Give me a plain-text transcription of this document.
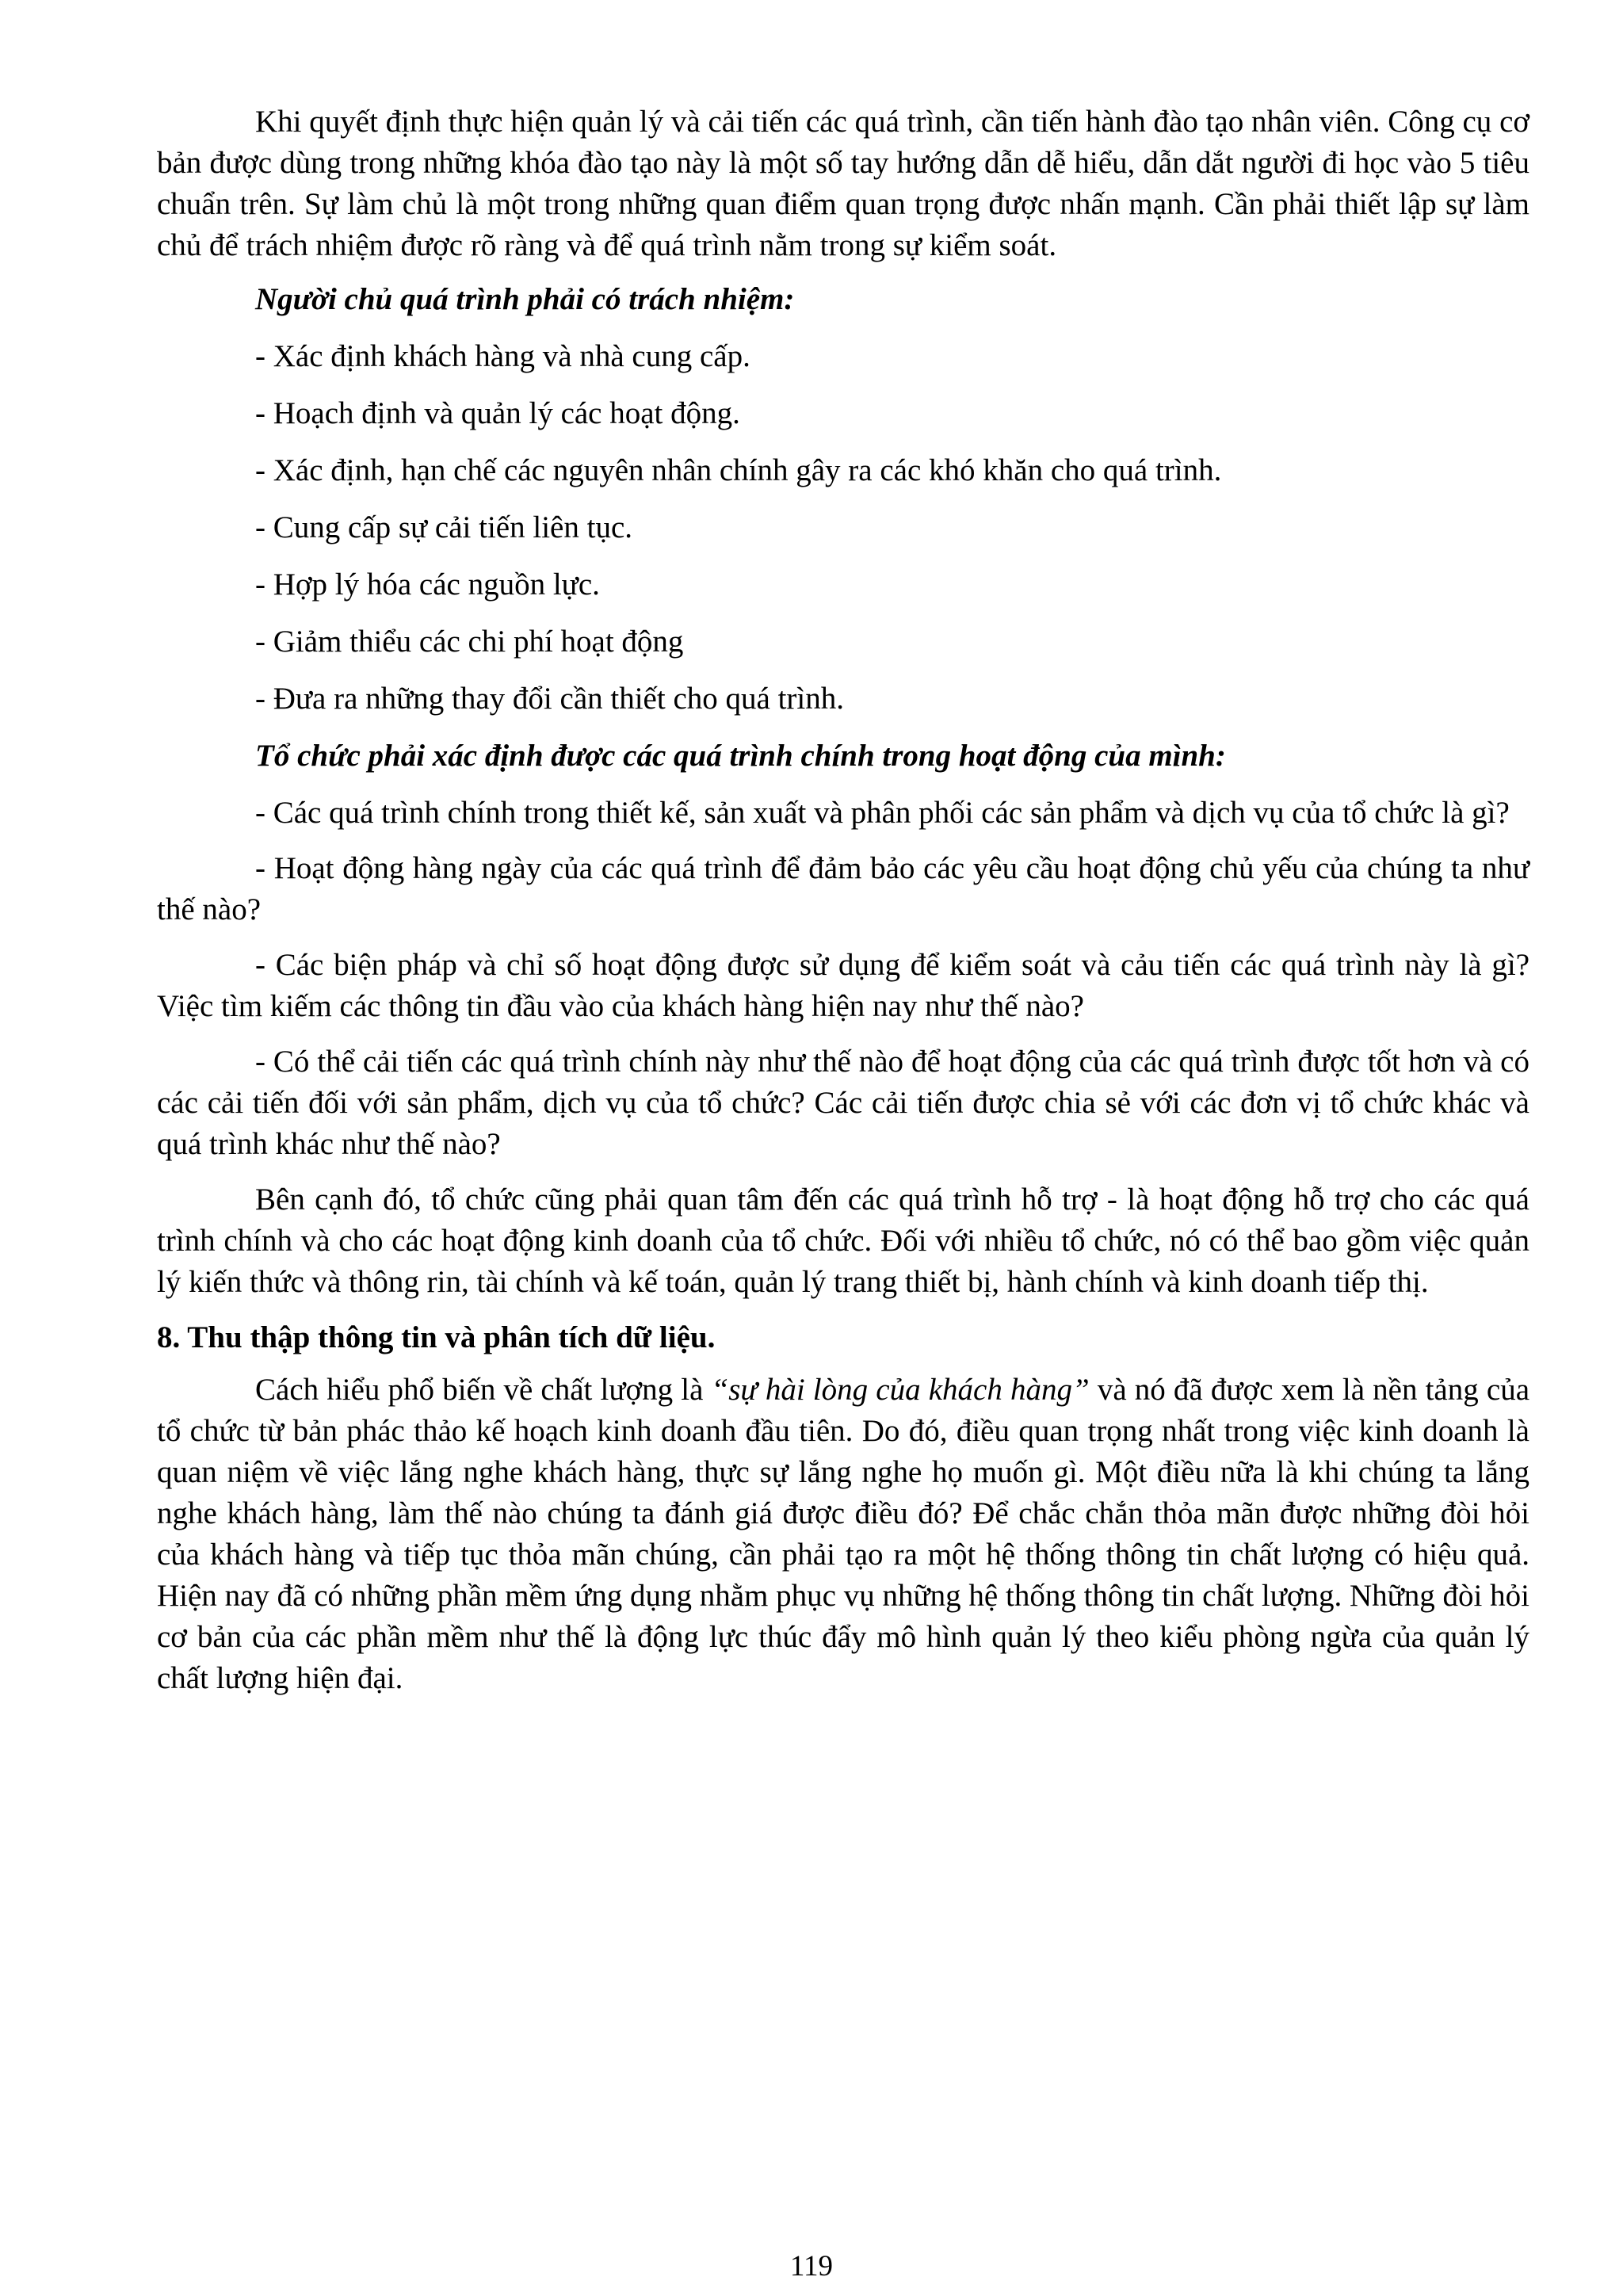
Khi quyết định thực hiện quản lý và cải tiến các quá trình, cần tiến hành đào tạo nhân viên. Công cụ cơ bản được dùng trong những khóa đào tạo này là một số tay hướng dẫn dễ hiểu, dẫn dắt người đi học vào 5 tiêu chuẩn trên. Sự làm chủ là một trong những quan điểm quan trọng được nhấn mạnh. Cần phải thiết lập sự làm chủ để trách nhiệm được rõ ràng và để quá trình nằm trong sự kiểm soát.

Người chủ quá trình phải có trách nhiệm:

- Xác định khách hàng và nhà cung cấp.
- Hoạch định và quản lý các hoạt động.
- Xác định, hạn chế các nguyên nhân chính gây ra các khó khăn cho quá trình.
- Cung cấp sự cải tiến liên tục.
- Hợp lý hóa các nguồn lực.
- Giảm thiểu các chi phí hoạt động
- Đưa ra những thay đổi cần thiết cho quá trình.

Tổ chức phải xác định được các quá trình chính trong hoạt động của mình:

- Các quá trình chính trong thiết kế, sản xuất và phân phối các sản phẩm và dịch vụ của tổ chức là gì?

- Hoạt động hàng ngày của các quá trình để đảm bảo các yêu cầu hoạt động chủ yếu của chúng ta như thế nào?

- Các biện pháp và chỉ số hoạt động được sử dụng để kiểm soát và cảu tiến các quá trình này là gì? Việc tìm kiếm các thông tin đầu vào của khách hàng hiện nay như thế nào?

- Có thể cải tiến các quá trình chính này như thế nào để hoạt động của các quá trình được tốt hơn và có các cải tiến đối với sản phẩm, dịch vụ của tổ chức? Các cải tiến được chia sẻ với các đơn vị tổ chức khác và quá trình khác như thế nào?

Bên cạnh đó, tổ chức cũng phải quan tâm đến các quá trình hỗ trợ - là hoạt động hỗ trợ cho các quá trình chính và cho các hoạt động kinh doanh của tổ chức. Đối với nhiều tổ chức, nó có thể bao gồm việc quản lý kiến thức và thông rin, tài chính và kế toán, quản lý trang thiết bị, hành chính và kinh doanh tiếp thị.

8. Thu thập thông tin và phân tích dữ liệu.

Cách hiểu phổ biến về chất lượng là “sự hài lòng của khách hàng” và nó đã được xem là nền tảng của tổ chức từ bản phác thảo kế hoạch kinh doanh đầu tiên. Do đó, điều quan trọng nhất trong việc kinh doanh là quan niệm về việc lắng nghe khách hàng, thực sự lắng nghe họ muốn gì. Một điều nữa là khi chúng ta lắng nghe khách hàng, làm thế nào chúng ta đánh giá được điều đó? Để chắc chắn thỏa mãn được những đòi hỏi của khách hàng và tiếp tục thỏa mãn chúng, cần phải tạo ra một hệ thống thông tin chất lượng có hiệu quả. Hiện nay đã có những phần mềm ứng dụng nhằm phục vụ những hệ thống thông tin chất lượng. Những đòi hỏi cơ bản của các phần mềm như thế là động lực thúc đẩy mô hình quản lý theo kiểu phòng ngừa của quản lý chất lượng hiện đại.

119
